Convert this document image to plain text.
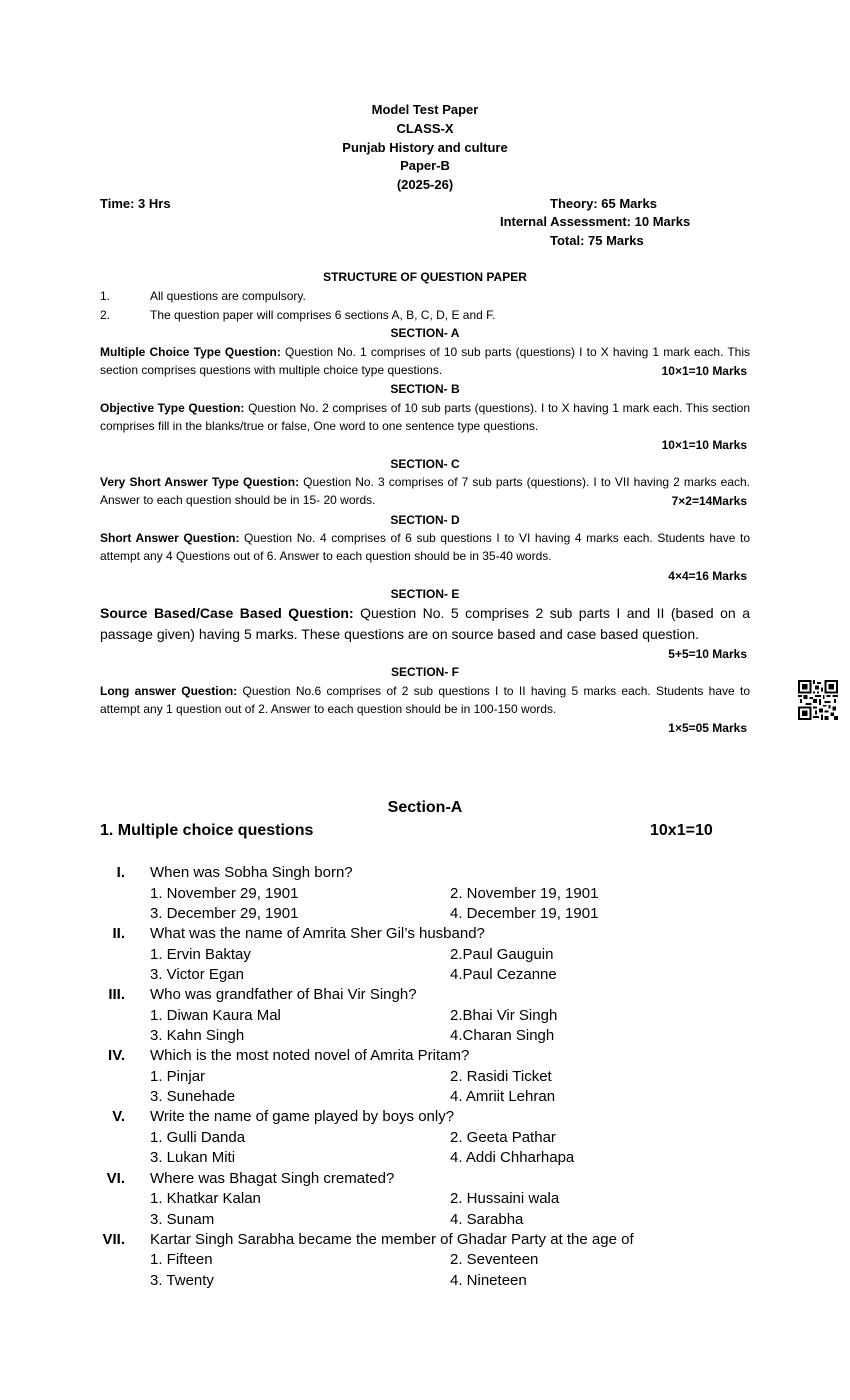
Model Test Paper
CLASS-X
Punjab History and culture
Paper-B
(2025-26)
Time: 3 Hrs	Theory: 65 Marks
Internal Assessment: 10 Marks
Total: 75 Marks
STRUCTURE OF QUESTION PAPER
1.	All questions are compulsory.
2.	The question paper will comprises 6 sections A, B, C, D, E and F.
SECTION- A
Multiple Choice Type Question: Question No. 1 comprises of 10 sub parts (questions) I to X having 1 mark each. This section comprises questions with multiple choice type questions.	10×1=10 Marks
SECTION- B
Objective Type Question: Question No. 2 comprises of 10 sub parts (questions). I to X having 1 mark each. This section comprises fill in the blanks/true or false, One word to one sentence type questions.
10×1=10 Marks
SECTION- C
Very Short Answer Type Question: Question No. 3 comprises of 7 sub parts (questions). I to VII having 2 marks each. Answer to each question should be in 15- 20 words.	7×2=14Marks
SECTION- D
Short Answer Question: Question No. 4 comprises of 6 sub questions I to VI having 4 marks each. Students have to attempt any 4 Questions out of 6. Answer to each question should be in 35-40 words.
4×4=16 Marks
SECTION- E
Source Based/Case Based Question: Question No. 5 comprises 2 sub parts I and II (based on a passage given) having 5 marks. These questions are on source based and case based question.
5+5=10 Marks
SECTION- F
Long answer Question: Question No.6 comprises of 2 sub questions I to II having 5 marks each. Students have to attempt any 1 question out of 2. Answer to each question should be in 100-150 words.
1×5=05 Marks
Section-A
1. Multiple choice questions	10x1=10
I. When was Sobha Singh born?
1. November 29, 1901	2. November 19, 1901
3. December 29, 1901	4. December 19, 1901
II. What was the name of Amrita Sher Gil’s husband?
1. Ervin Baktay	2.Paul Gauguin
3. Victor Egan	4.Paul Cezanne
III. Who was grandfather of Bhai Vir Singh?
1. Diwan Kaura Mal	2.Bhai Vir Singh
3. Kahn Singh	4.Charan Singh
IV. Which is the most noted novel of Amrita Pritam?
1. Pinjar	2. Rasidi Ticket
3. Sunehade	4. Amriit Lehran
V. Write the name of game played by boys only?
1. Gulli Danda	2. Geeta Pathar
3. Lukan Miti	4. Addi Chharhapa
VI. Where was Bhagat Singh cremated?
1. Khatkar Kalan	2. Hussaini wala
3. Sunam	4. Sarabha
VII. Kartar Singh Sarabha became the member of Ghadar Party at the age of
1. Fifteen	2. Seventeen
3. Twenty	4. Nineteen
